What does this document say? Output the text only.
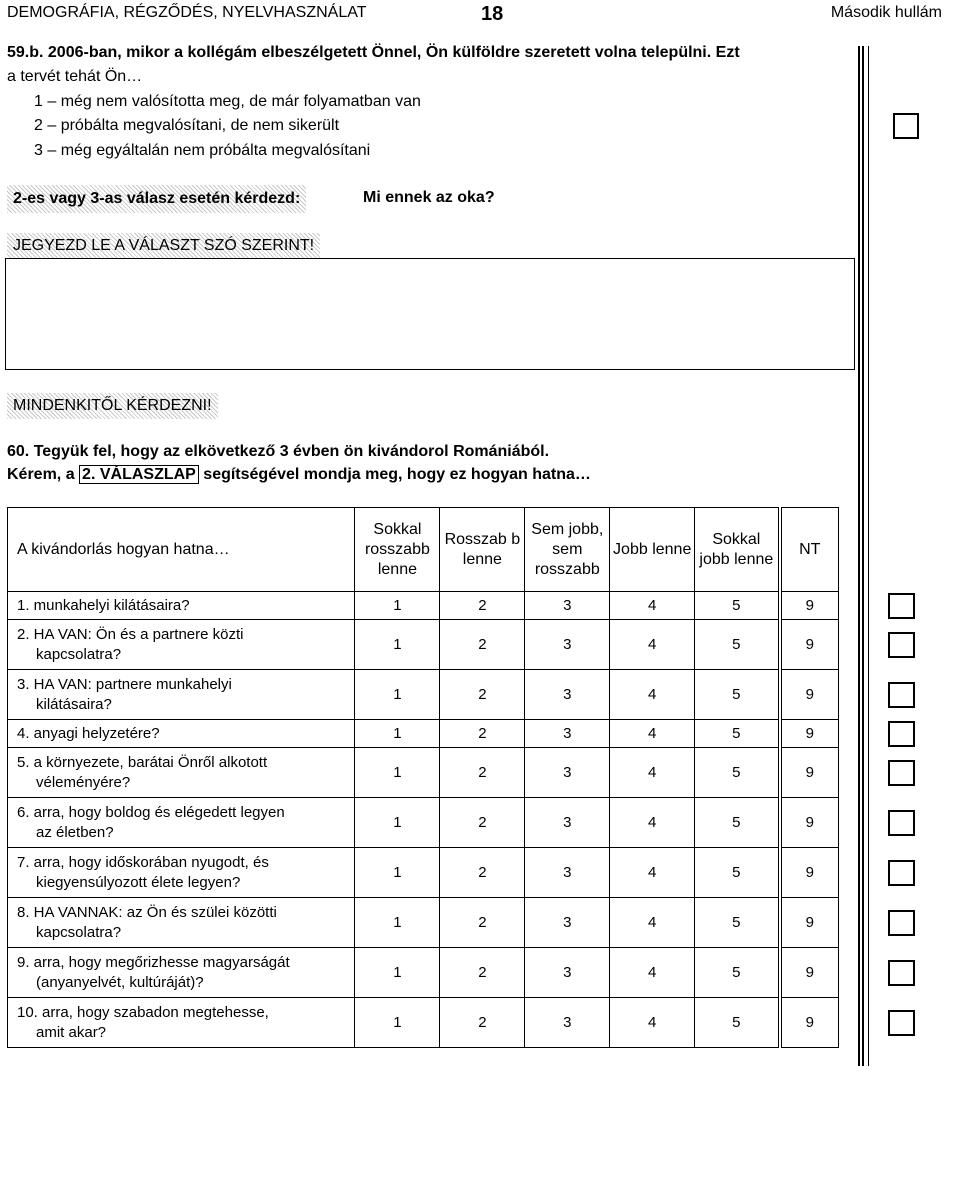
DEMOGRÁFIA, RÉGZŐDÉS, NYELVHASZNÁLAT	18	Második hullám
59.b. 2006-ban, mikor a kollégám elbeszélgetett Önnel, Ön külföldre szeretett volna települni. Ezt
a tervét tehát Ön…
1 – még nem valósította meg, de már folyamatban van
2 – próbálta megvalósítani, de nem sikerült
3 – még egyáltalán nem próbálta megvalósítani
2-es vagy 3-as válasz esetén kérdezd:	Mi ennek az oka?
JEGYEZD LE A VÁLASZT SZÓ SZERINT!
MINDENKITŐL KÉRDEZNI!
60. Tegyük fel, hogy az elkövetkező 3 évben ön kivándorol Romániából.
Kérem, a 2. VÁLASZLAP segítségével mondja meg, hogy ez hogyan hatna…
A kivándorlás hogyan hatna…	Sokkal rosszabb lenne	Rosszab b lenne	Sem jobb, sem rosszabb	Jobb lenne	Sokkal jobb lenne	NT
1. munkahelyi kilátásaira?	1	2	3	4	5	9
2. HA VAN: Ön és a partnere közti
kapcsolatra?	1	2	3	4	5	9
3. HA VAN: partnere munkahelyi
kilátásaira?	1	2	3	4	5	9
4. anyagi helyzetére?	1	2	3	4	5	9
5. a környezete, barátai Önről alkotott
véleményére?	1	2	3	4	5	9
6. arra, hogy boldog és elégedett legyen
az életben?	1	2	3	4	5	9
7. arra, hogy időskorában nyugodt, és
kiegyensúlyozott élete legyen?	1	2	3	4	5	9
8. HA VANNAK: az Ön és szülei közötti
kapcsolatra?	1	2	3	4	5	9
9. arra, hogy megőrizhesse magyarságát
(anyanyelvét, kultúráját)?	1	2	3	4	5	9
10. arra, hogy szabadon megtehesse,
amit akar?	1	2	3	4	5	9
